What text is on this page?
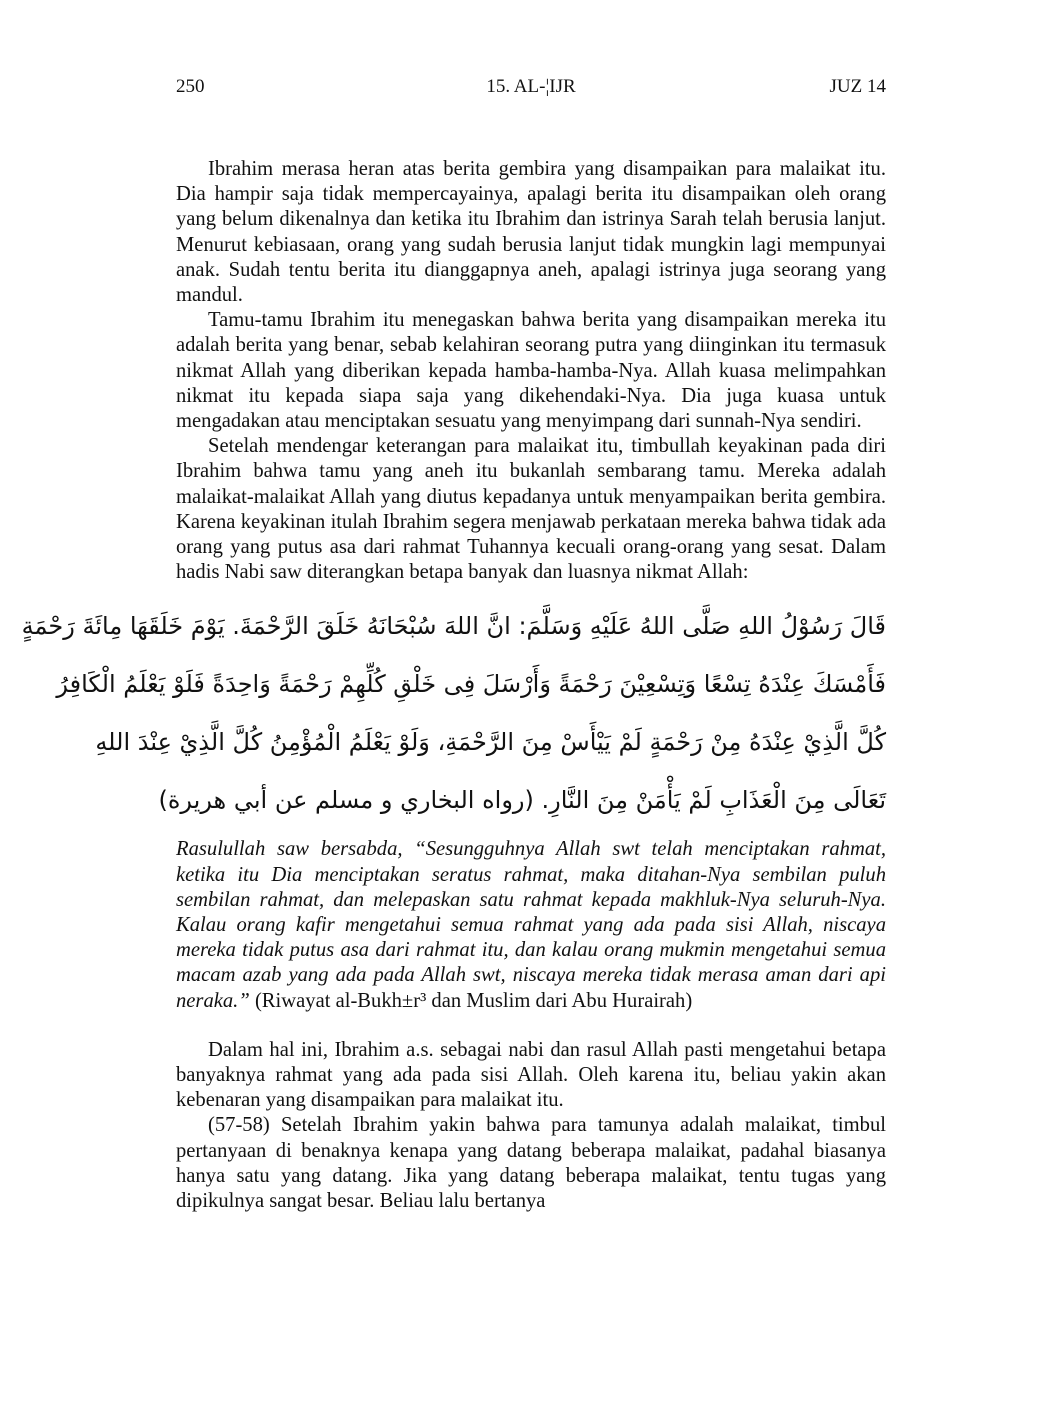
250	15. AL-¦IJR	JUZ 14

Ibrahim merasa heran atas berita gembira yang disampaikan para malaikat itu. Dia hampir saja tidak mempercayainya, apalagi berita itu disampaikan oleh orang yang belum dikenalnya dan ketika itu Ibrahim dan istrinya Sarah telah berusia lanjut. Menurut kebiasaan, orang yang sudah berusia lanjut tidak mungkin lagi mempunyai anak. Sudah tentu berita itu dianggapnya aneh, apalagi istrinya juga seorang yang mandul.

Tamu-tamu Ibrahim itu menegaskan bahwa berita yang disampaikan mereka itu adalah berita yang benar, sebab kelahiran seorang putra yang diinginkan itu termasuk nikmat Allah yang diberikan kepada hamba-hamba-Nya. Allah kuasa melimpahkan nikmat itu kepada siapa saja yang dikehendaki-Nya. Dia juga kuasa untuk mengadakan atau menciptakan sesuatu yang menyimpang dari sunnah-Nya sendiri.

Setelah mendengar keterangan para malaikat itu, timbullah keyakinan pada diri Ibrahim bahwa tamu yang aneh itu bukanlah sembarang tamu. Mereka adalah malaikat-malaikat Allah yang diutus kepadanya untuk menyampaikan berita gembira. Karena keyakinan itulah Ibrahim segera menjawab perkataan mereka bahwa tidak ada orang yang putus asa dari rahmat Tuhannya kecuali orang-orang yang sesat. Dalam hadis Nabi saw diterangkan betapa banyak dan luasnya nikmat Allah:

قَالَ رَسُوْلُ اللهِ صَلَّى اللهُ عَلَيْهِ وَسَلَّمَ: انَّ اللهَ سُبْحَانَهُ خَلَقَ الرَّحْمَةَ. يَوْمَ خَلَقَهَا مِائَةَ رَحْمَةٍ
فَأَمْسَكَ عِنْدَهُ تِسْعًا وَتِسْعِيْنَ رَحْمَةً وَأَرْسَلَ فِى خَلْقِ كُلِّهِمْ رَحْمَةً وَاحِدَةً فَلَوْ يَعْلَمُ الْكَافِرُ
كُلَّ الَّذِيْ عِنْدَهُ مِنْ رَحْمَةٍ لَمْ يَيْأَسْ مِنَ الرَّحْمَةِ، وَلَوْ يَعْلَمُ الْمُؤْمِنُ كُلَّ الَّذِيْ عِنْدَ اللهِ
تَعَالَى مِنَ الْعَذَابِ لَمْ يَأْمَنْ مِنَ النَّارِ. (رواه البخاري و مسلم عن أبي هريرة)

Rasulullah saw bersabda, “Sesungguhnya Allah swt telah menciptakan rahmat, ketika itu Dia menciptakan seratus rahmat, maka ditahan-Nya sembilan puluh sembilan rahmat, dan melepaskan satu rahmat kepada makhluk-Nya seluruh-Nya. Kalau orang kafir mengetahui semua rahmat yang ada pada sisi Allah, niscaya mereka tidak putus asa dari rahmat itu, dan kalau orang mukmin mengetahui semua macam azab yang ada pada Allah swt, niscaya mereka tidak merasa aman dari api neraka.” (Riwayat al-Bukh±r³ dan Muslim dari Abu Hurairah)

Dalam hal ini, Ibrahim a.s. sebagai nabi dan rasul Allah pasti mengetahui betapa banyaknya rahmat yang ada pada sisi Allah. Oleh karena itu, beliau yakin akan kebenaran yang disampaikan para malaikat itu.

(57-58) Setelah Ibrahim yakin bahwa para tamunya adalah malaikat, timbul pertanyaan di benaknya kenapa yang datang beberapa malaikat, padahal biasanya hanya satu yang datang. Jika yang datang beberapa malaikat, tentu tugas yang dipikulnya sangat besar. Beliau lalu bertanya
